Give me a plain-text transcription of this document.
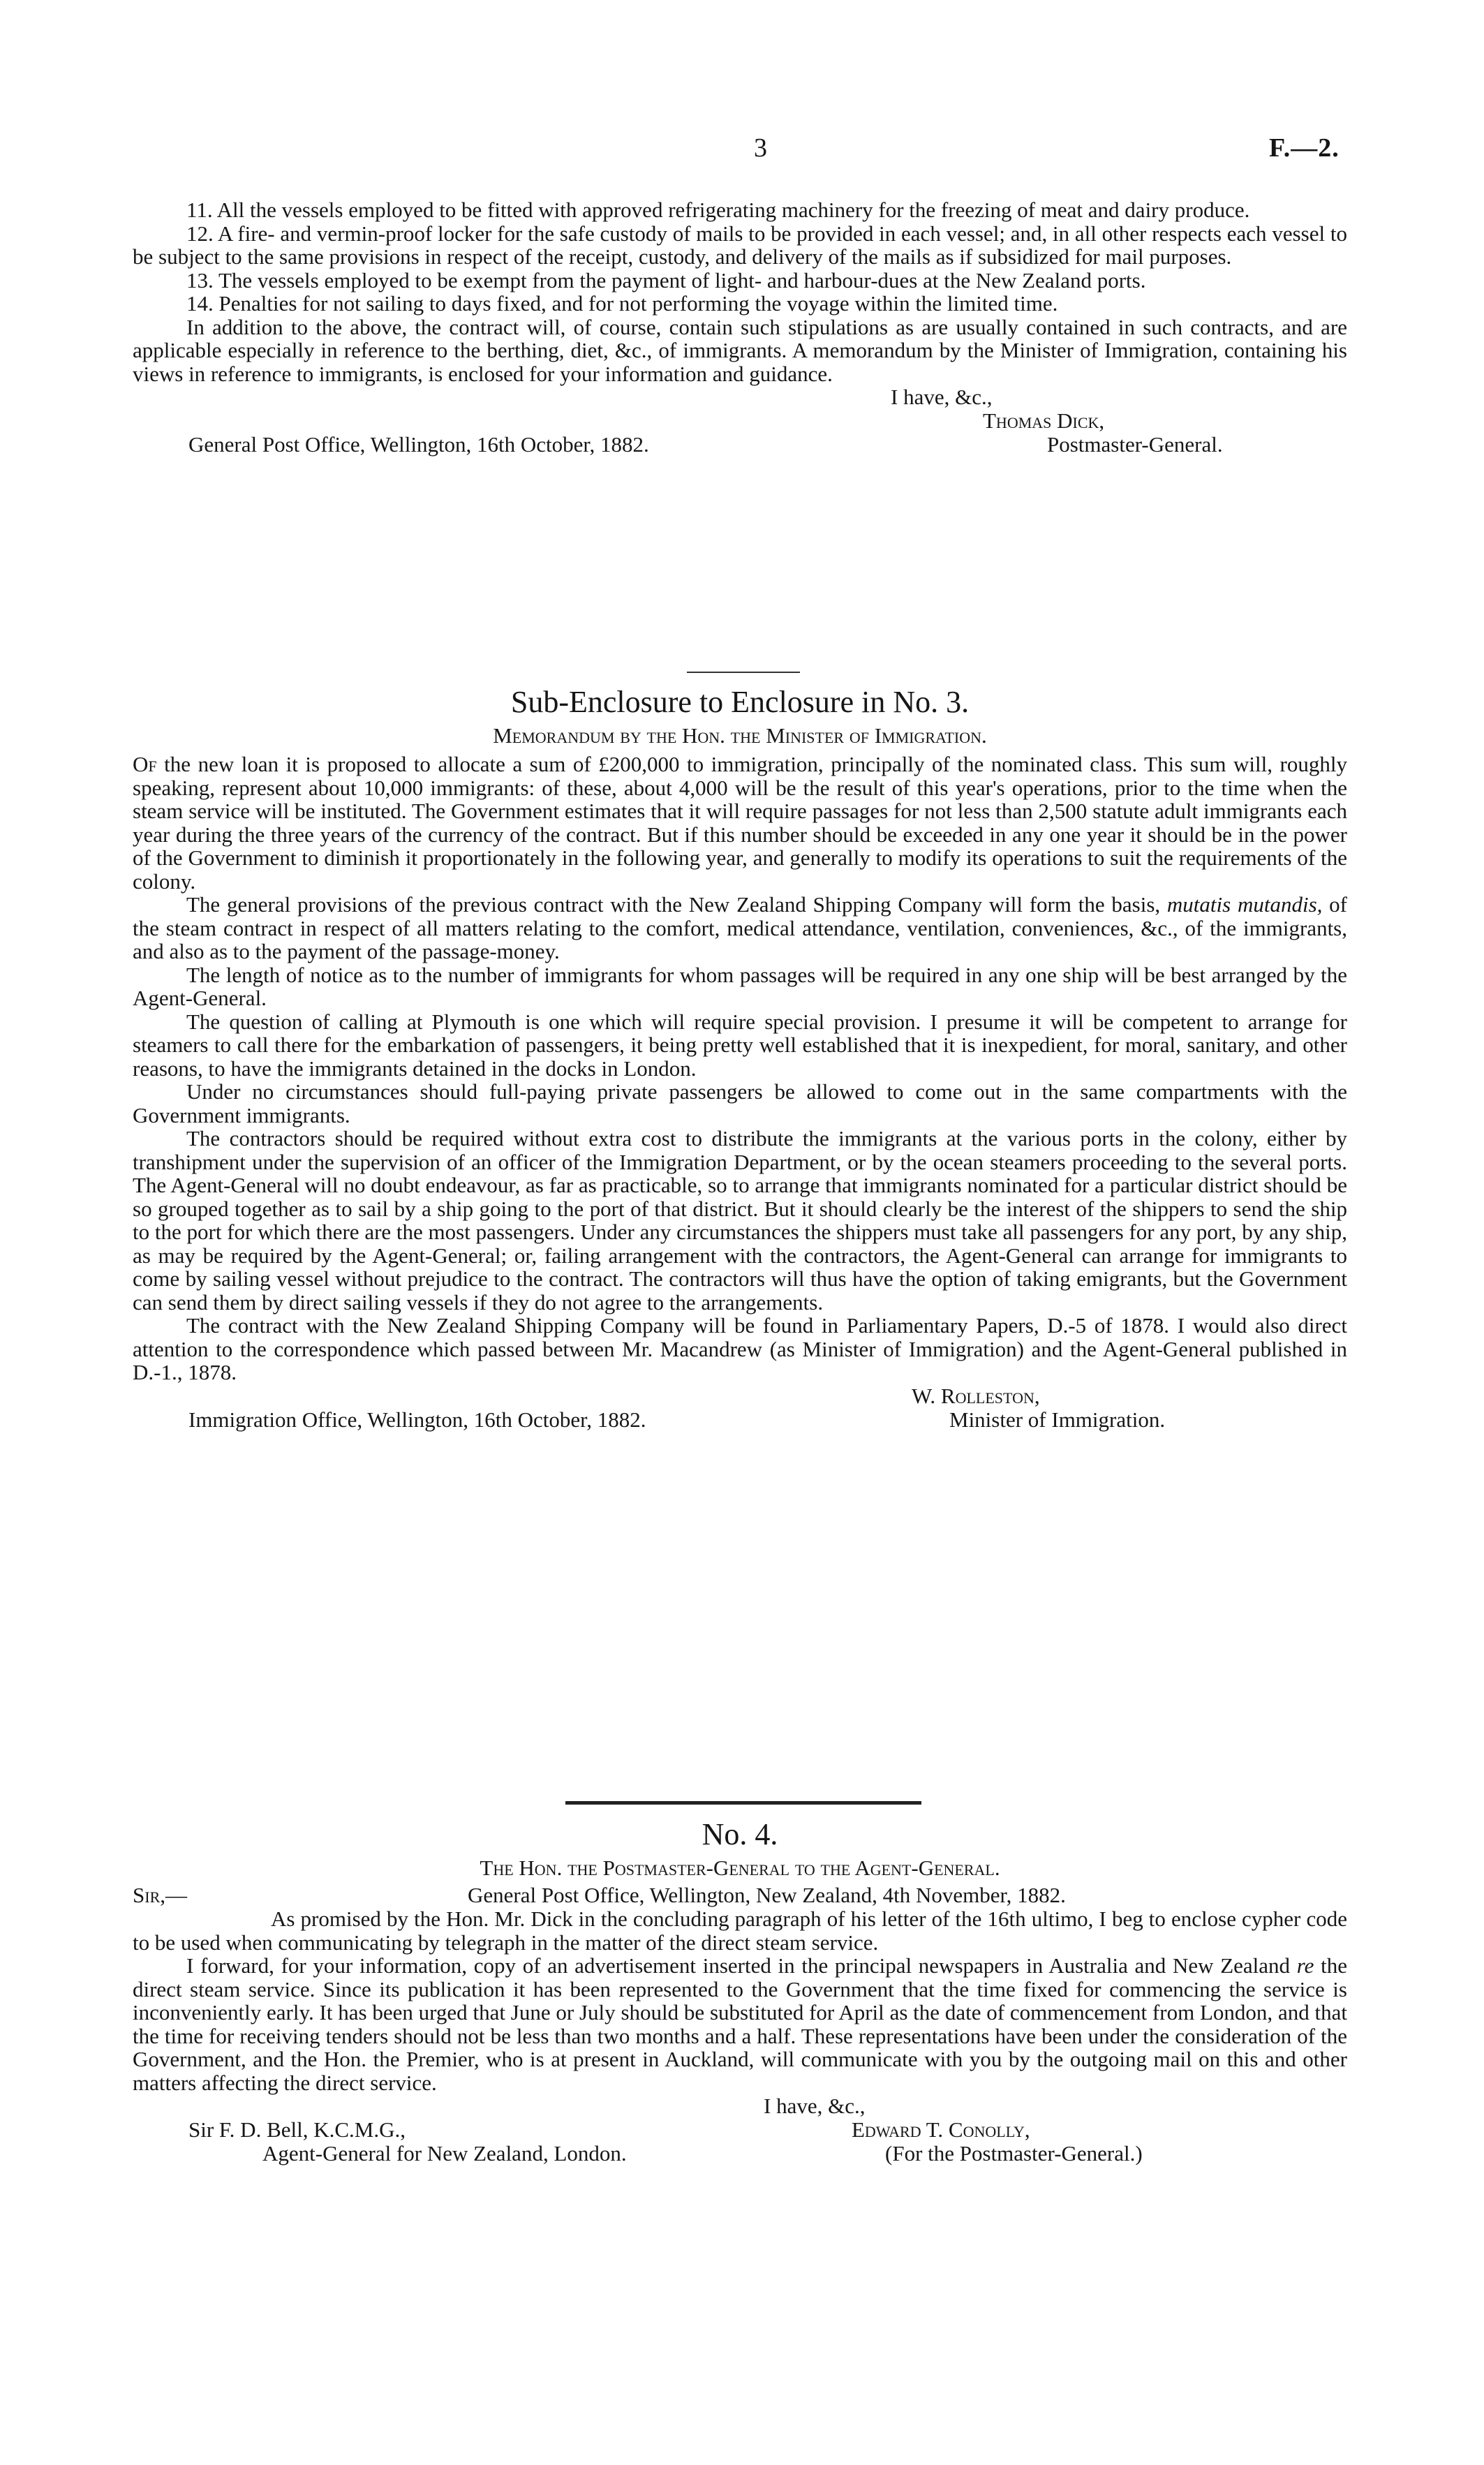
3	F.—2.

11. All the vessels employed to be fitted with approved refrigerating machinery for the freezing of meat and dairy produce.

12. A fire- and vermin-proof locker for the safe custody of mails to be provided in each vessel; and, in all other respects each vessel to be subject to the same provisions in respect of the receipt, custody, and delivery of the mails as if subsidized for mail purposes.

13. The vessels employed to be exempt from the payment of light- and harbour-dues at the New Zealand ports.

14. Penalties for not sailing to days fixed, and for not performing the voyage within the limited time.

In addition to the above, the contract will, of course, contain such stipulations as are usually contained in such contracts, and are applicable especially in reference to the berthing, diet, &c., of immigrants. A memorandum by the Minister of Immigration, containing his views in reference to immigrants, is enclosed for your information and guidance.

I have, &c.,
Thomas Dick,
General Post Office, Wellington, 16th October, 1882.	Postmaster-General.

Sub-Enclosure to Enclosure in No. 3.

Memorandum by the Hon. the Minister of Immigration.

Of the new loan it is proposed to allocate a sum of £200,000 to immigration, principally of the nominated class. This sum will, roughly speaking, represent about 10,000 immigrants: of these, about 4,000 will be the result of this year's operations, prior to the time when the steam service will be instituted. The Government estimates that it will require passages for not less than 2,500 statute adult immigrants each year during the three years of the currency of the contract. But if this number should be exceeded in any one year it should be in the power of the Government to diminish it proportionately in the following year, and generally to modify its operations to suit the requirements of the colony.

The general provisions of the previous contract with the New Zealand Shipping Company will form the basis, mutatis mutandis, of the steam contract in respect of all matters relating to the comfort, medical attendance, ventilation, conveniences, &c., of the immigrants, and also as to the payment of the passage-money.

The length of notice as to the number of immigrants for whom passages will be required in any one ship will be best arranged by the Agent-General.

The question of calling at Plymouth is one which will require special provision. I presume it will be competent to arrange for steamers to call there for the embarkation of passengers, it being pretty well established that it is inexpedient, for moral, sanitary, and other reasons, to have the immigrants detained in the docks in London.

Under no circumstances should full-paying private passengers be allowed to come out in the same compartments with the Government immigrants.

The contractors should be required without extra cost to distribute the immigrants at the various ports in the colony, either by transhipment under the supervision of an officer of the Immigration Department, or by the ocean steamers proceeding to the several ports. The Agent-General will no doubt endeavour, as far as practicable, so to arrange that immigrants nominated for a particular district should be so grouped together as to sail by a ship going to the port of that district. But it should clearly be the interest of the shippers to send the ship to the port for which there are the most passengers. Under any circumstances the shippers must take all passengers for any port, by any ship, as may be required by the Agent-General; or, failing arrangement with the contractors, the Agent-General can arrange for immigrants to come by sailing vessel without prejudice to the contract. The contractors will thus have the option of taking emigrants, but the Government can send them by direct sailing vessels if they do not agree to the arrangements.

The contract with the New Zealand Shipping Company will be found in Parliamentary Papers, D.-5 of 1878. I would also direct attention to the correspondence which passed between Mr. Macandrew (as Minister of Immigration) and the Agent-General published in D.-1., 1878.

W. Rolleston,
Immigration Office, Wellington, 16th October, 1882.	Minister of Immigration.

No. 4.

The Hon. the Postmaster-General to the Agent-General.

Sir,—	General Post Office, Wellington, New Zealand, 4th November, 1882.

As promised by the Hon. Mr. Dick in the concluding paragraph of his letter of the 16th ultimo, I beg to enclose cypher code to be used when communicating by telegraph in the matter of the direct steam service.

I forward, for your information, copy of an advertisement inserted in the principal newspapers in Australia and New Zealand re the direct steam service. Since its publication it has been represented to the Government that the time fixed for commencing the service is inconveniently early. It has been urged that June or July should be substituted for April as the date of commencement from London, and that the time for receiving tenders should not be less than two months and a half. These representations have been under the consideration of the Government, and the Hon. the Premier, who is at present in Auckland, will communicate with you by the outgoing mail on this and other matters affecting the direct service.

I have, &c.,
Sir F. D. Bell, K.C.M.G.,	Edward T. Conolly,
Agent-General for New Zealand, London.	(For the Postmaster-General.)
